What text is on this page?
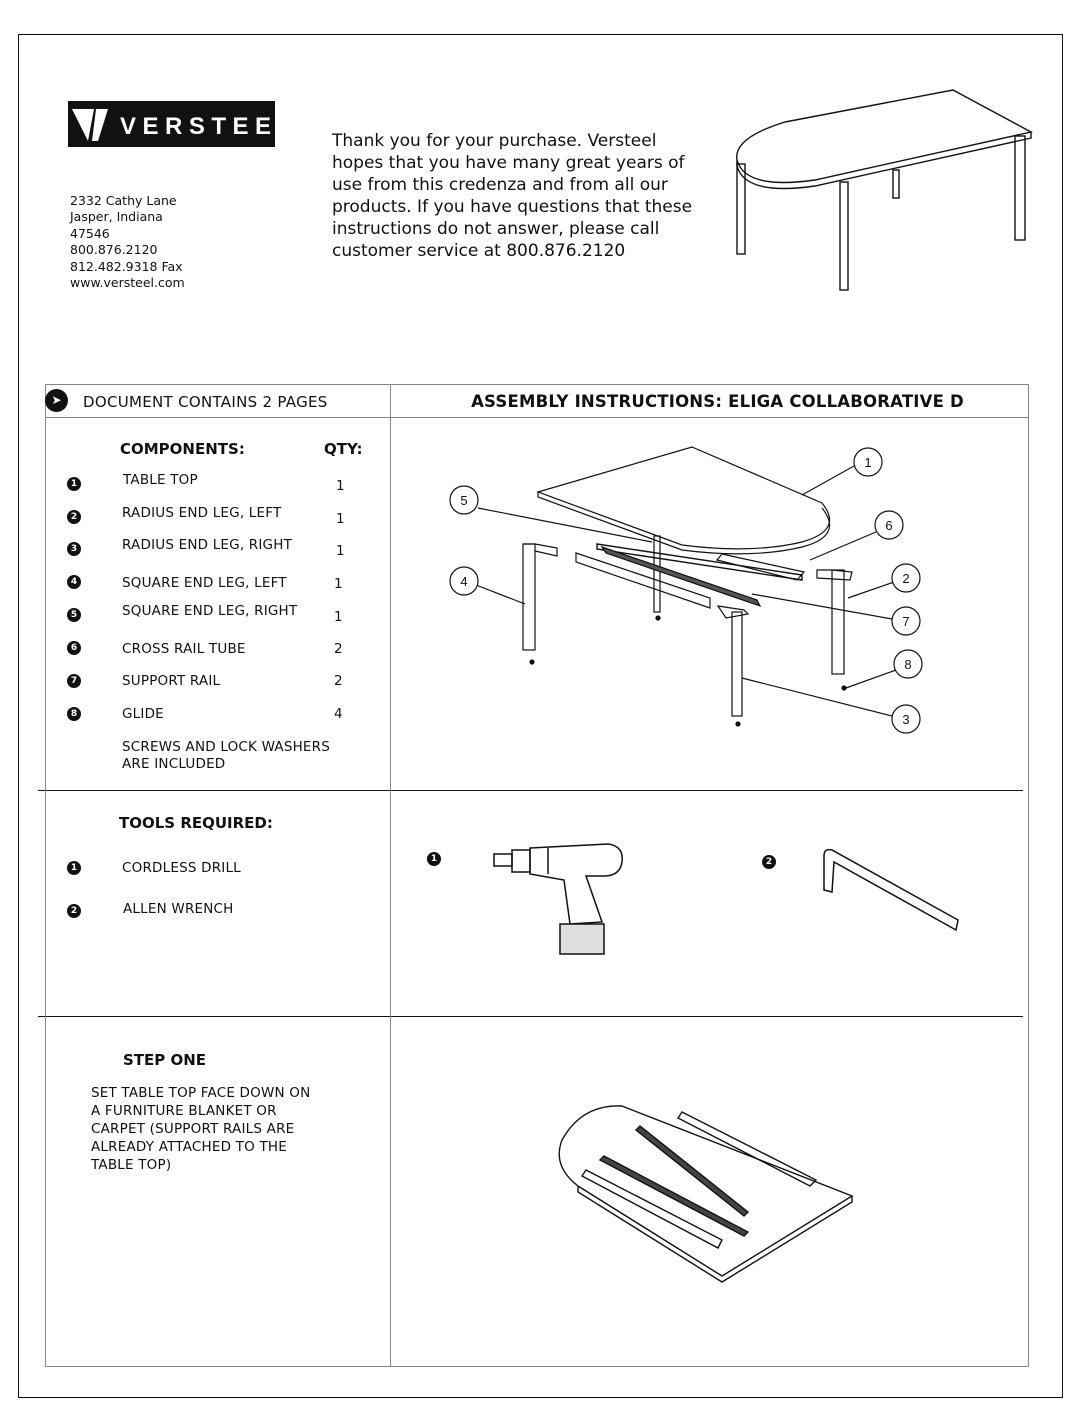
VERSTEEL
2332 Cathy Lane
Jasper, Indiana
47546
800.876.2120
812.482.9318 Fax
www.versteel.com
Thank you for your purchase. Versteel
hopes that you have many great years of
use from this credenza and from all our
products. If you have questions that these
instructions do not answer, please call
customer service at 800.876.2120
➤	DOCUMENT CONTAINS 2 PAGES	ASSEMBLY INSTRUCTIONS: ELIGA COLLABORATIVE D
COMPONENTS:	QTY:
1	TABLE TOP	1
2	RADIUS END LEG, LEFT	1
3	RADIUS END LEG, RIGHT	1
4	SQUARE END LEG, LEFT	1
5	SQUARE END LEG, RIGHT	1
6	CROSS RAIL TUBE	2
7	SUPPORT RAIL	2
8	GLIDE	4
SCREWS AND LOCK WASHERS
ARE INCLUDED
1
2
3
4
5
6
7
8
TOOLS REQUIRED:
1	CORDLESS DRILL
2	ALLEN WRENCH
1	2
STEP ONE
SET TABLE TOP FACE DOWN ON
A FURNITURE BLANKET OR
CARPET (SUPPORT RAILS ARE
ALREADY ATTACHED TO THE
TABLE TOP)
